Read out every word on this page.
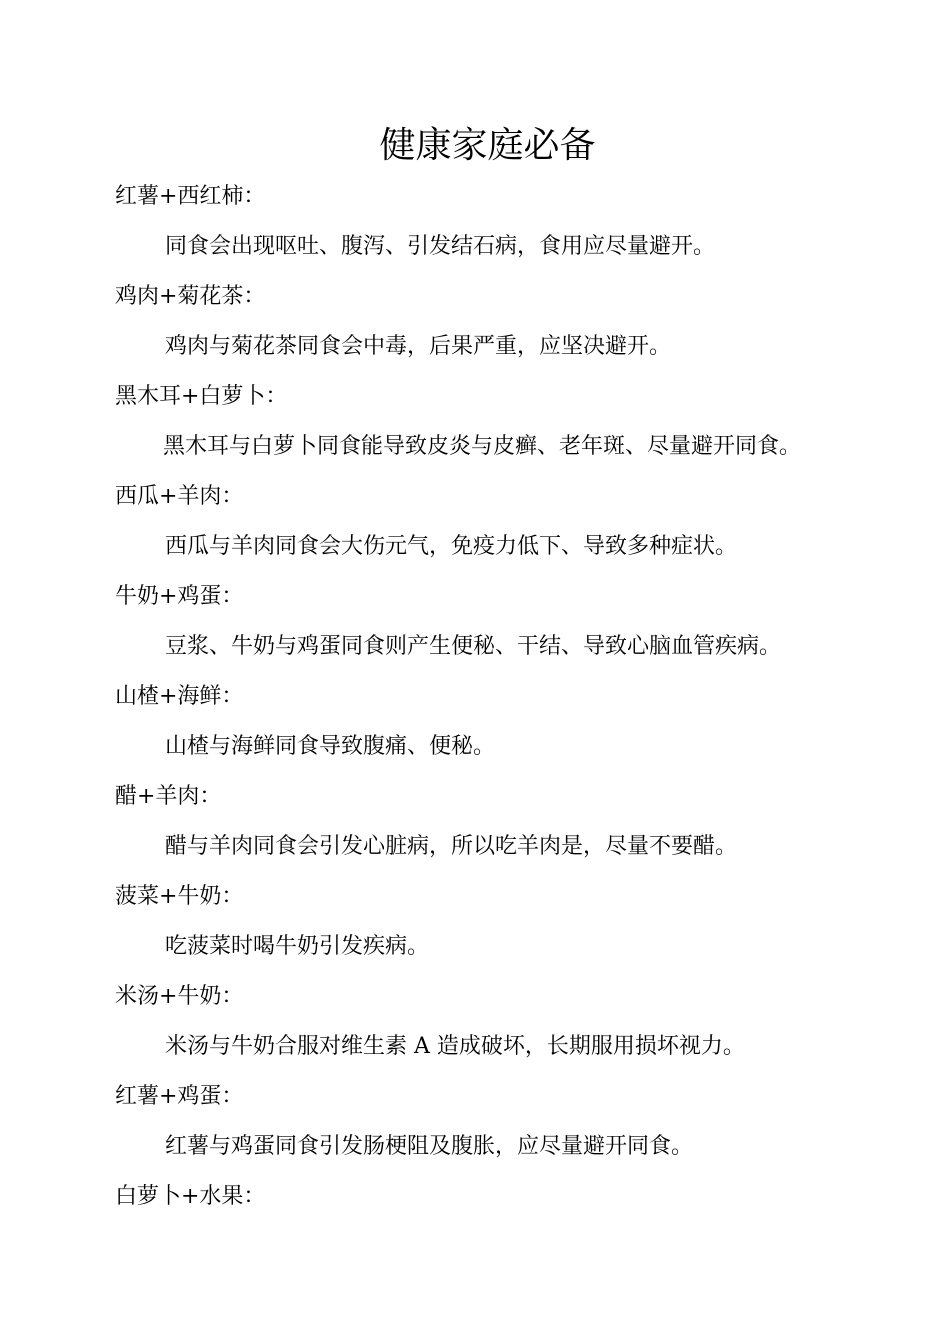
健康家庭必备
红薯+西红柿：
同食会出现呕吐、腹泻、引发结石病，食用应尽量避开。
鸡肉+菊花茶：
鸡肉与菊花茶同食会中毒，后果严重，应坚决避开。
黑木耳+白萝卜：
黑木耳与白萝卜同食能导致皮炎与皮癣、老年斑、尽量避开同食。
西瓜+羊肉：
西瓜与羊肉同食会大伤元气，免疫力低下、导致多种症状。
牛奶+鸡蛋：
豆浆、牛奶与鸡蛋同食则产生便秘、干结、导致心脑血管疾病。
山楂+海鲜：
山楂与海鲜同食导致腹痛、便秘。
醋+羊肉：
醋与羊肉同食会引发心脏病，所以吃羊肉是，尽量不要醋。
菠菜+牛奶：
吃菠菜时喝牛奶引发疾病。
米汤+牛奶：
米汤与牛奶合服对维生素 A 造成破坏，长期服用损坏视力。
红薯+鸡蛋：
红薯与鸡蛋同食引发肠梗阻及腹胀，应尽量避开同食。
白萝卜+水果：
